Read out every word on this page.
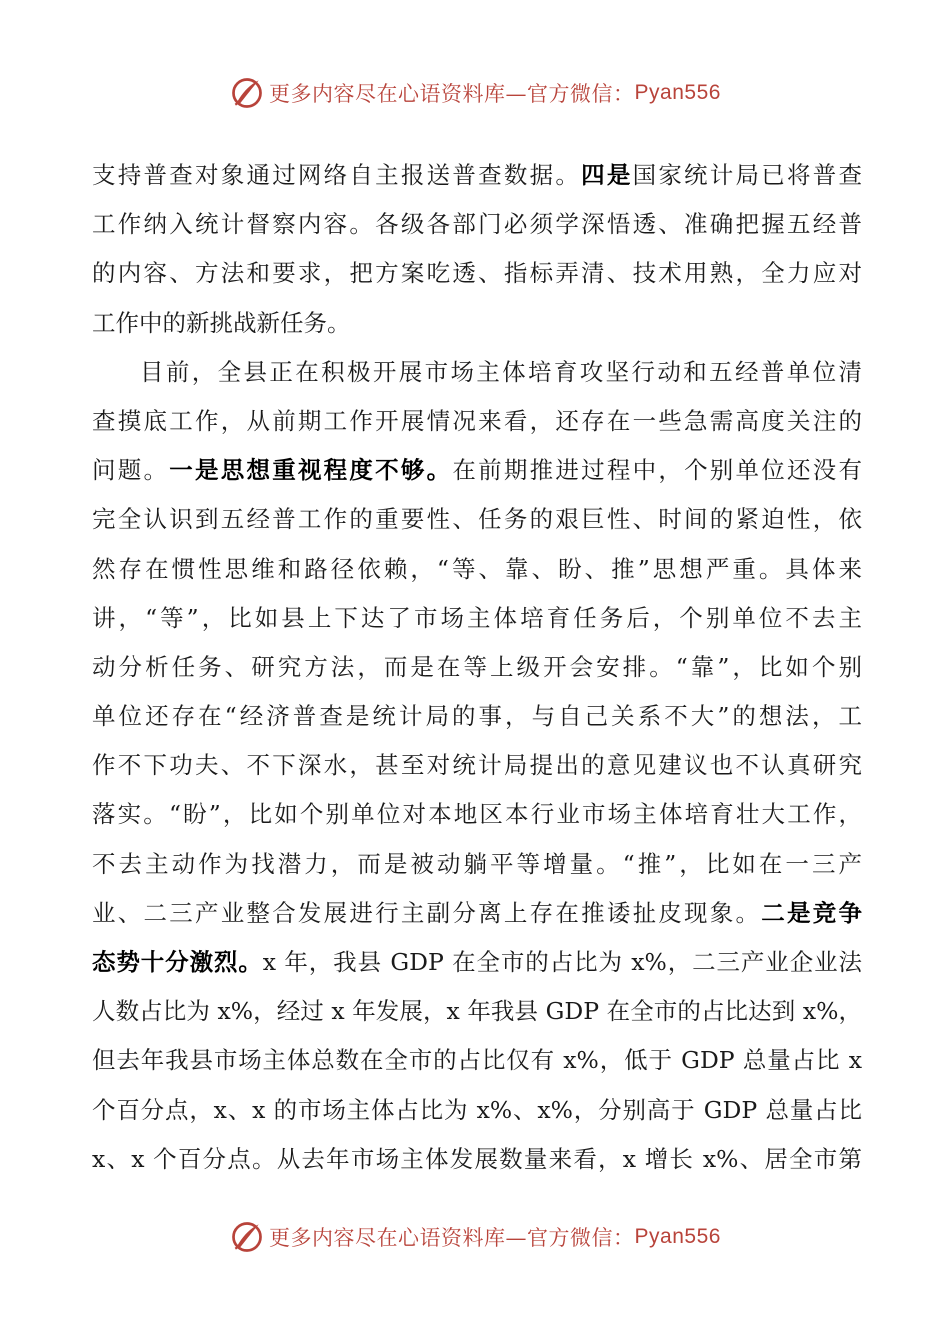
更多内容尽在心语资料库—官方微信： Pyan556
支持普查对象通过网络自主报送普查数据。四是国家统计局已将普查
工作纳入统计督察内容。各级各部门必须学深悟透、准确把握五经普
的内容、方法和要求，把方案吃透、指标弄清、技术用熟，全力应对
工作中的新挑战新任务。
目前，全县正在积极开展市场主体培育攻坚行动和五经普单位清
查摸底工作，从前期工作开展情况来看，还存在一些急需高度关注的
问题。一是思想重视程度不够。在前期推进过程中，个别单位还没有
完全认识到五经普工作的重要性、任务的艰巨性、时间的紧迫性，依
然存在惯性思维和路径依赖，“等、靠、盼、推”思想严重。具体来
讲，“等”，比如县上下达了市场主体培育任务后，个别单位不去主
动分析任务、研究方法，而是在等上级开会安排。“靠”，比如个别
单位还存在“经济普查是统计局的事，与自己关系不大”的想法，工
作不下功夫、不下深水，甚至对统计局提出的意见建议也不认真研究
落实。“盼”，比如个别单位对本地区本行业市场主体培育壮大工作，
不去主动作为找潜力，而是被动躺平等增量。“推”，比如在一三产
业、二三产业整合发展进行主副分离上存在推诿扯皮现象。二是竞争
态势十分激烈。x 年，我县 GDP 在全市的占比为 x%，二三产业企业法
人数占比为 x%，经过 x 年发展，x 年我县 GDP 在全市的占比达到 x%，
但去年我县市场主体总数在全市的占比仅有 x%，低于 GDP 总量占比 x
个百分点，x、x 的市场主体占比为 x%、x%，分别高于 GDP 总量占比
x、x 个百分点。从去年市场主体发展数量来看，x 增长 x%、居全市第
更多内容尽在心语资料库—官方微信： Pyan556
